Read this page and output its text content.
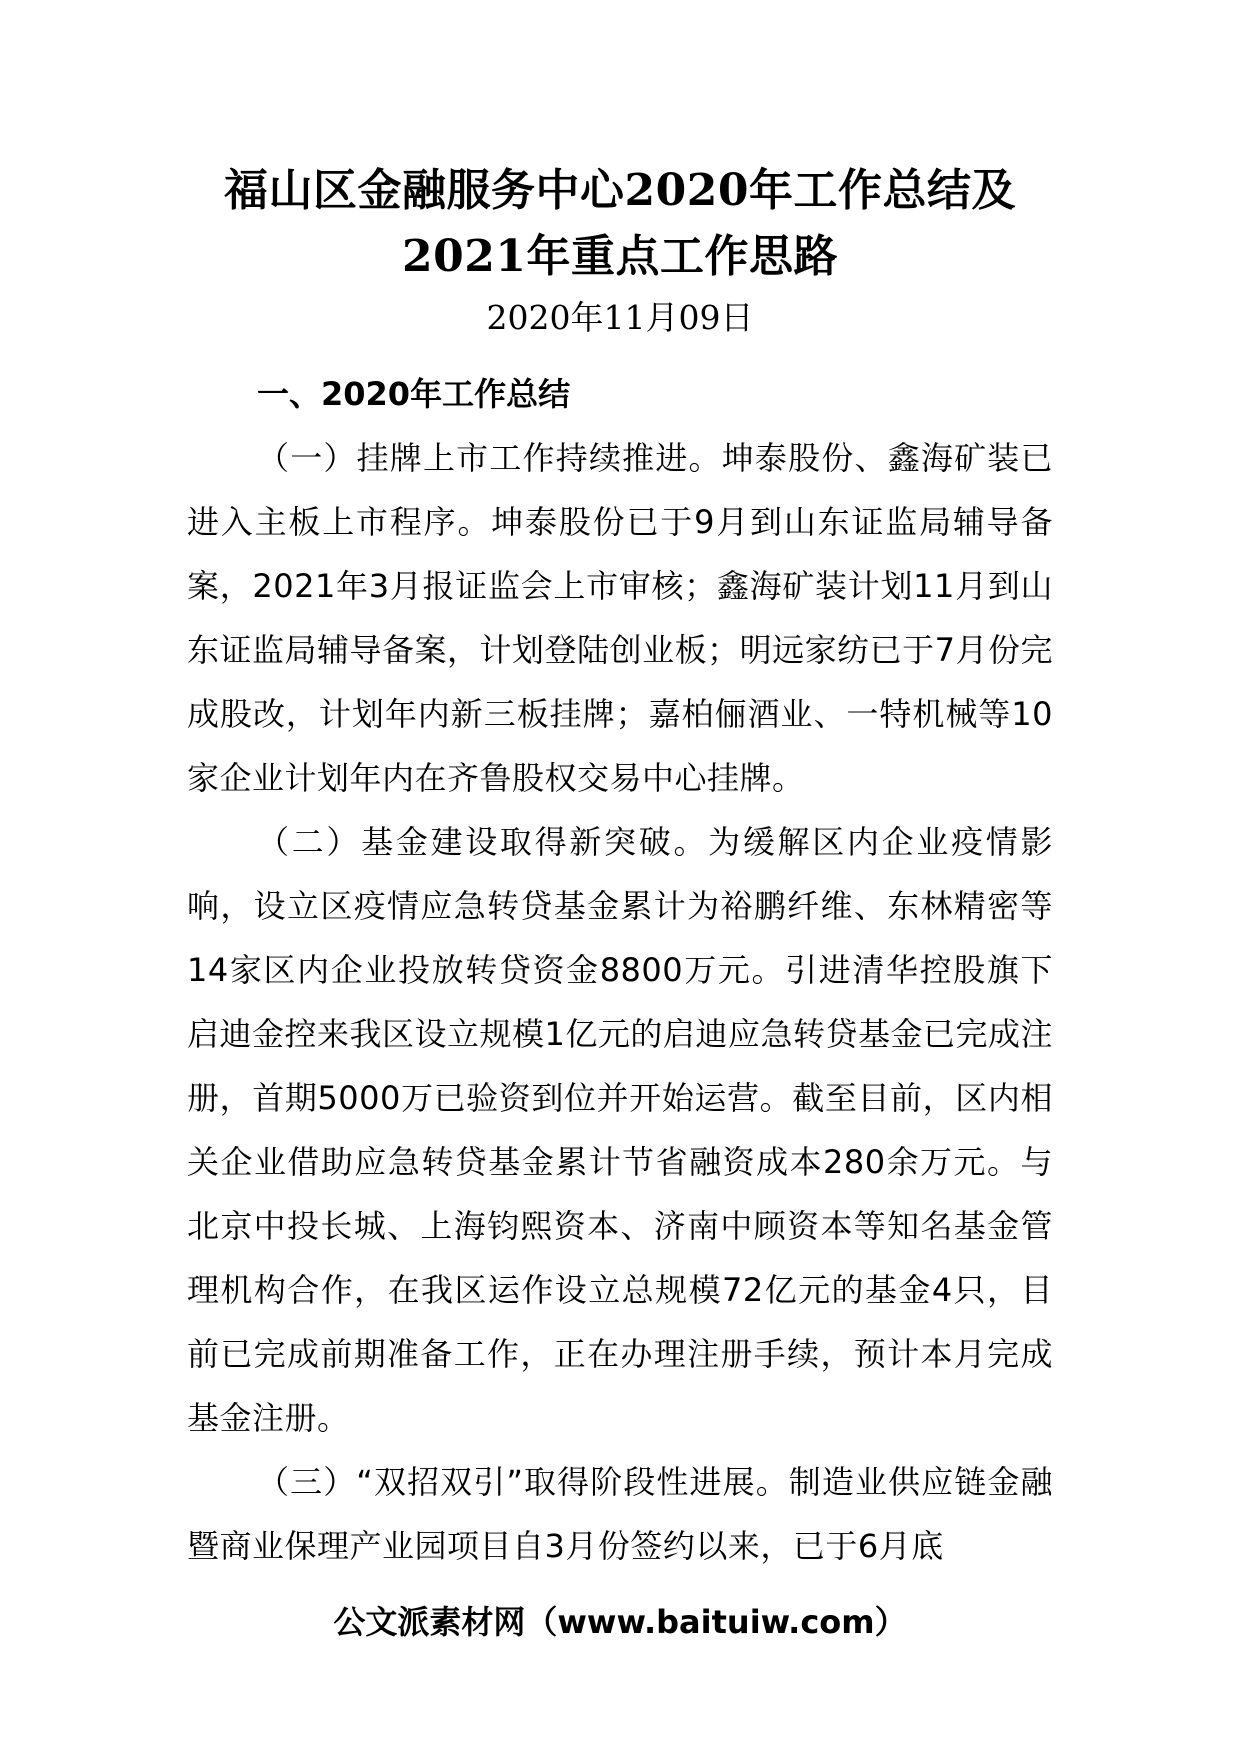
福山区金融服务中心2020年工作总结及
2021年重点工作思路
2020年11月09日

一、2020年工作总结

（一）挂牌上市工作持续推进。坤泰股份、鑫海矿装已进入主板上市程序。坤泰股份已于9月到山东证监局辅导备案，2021年3月报证监会上市审核；鑫海矿装计划11月到山东证监局辅导备案，计划登陆创业板；明远家纺已于7月份完成股改，计划年内新三板挂牌；嘉柏俪酒业、一特机械等10家企业计划年内在齐鲁股权交易中心挂牌。

（二）基金建设取得新突破。为缓解区内企业疫情影响，设立区疫情应急转贷基金累计为裕鹏纤维、东林精密等14家区内企业投放转贷资金8800万元。引进清华控股旗下启迪金控来我区设立规模1亿元的启迪应急转贷基金已完成注册，首期5000万已验资到位并开始运营。截至目前，区内相关企业借助应急转贷基金累计节省融资成本280余万元。与北京中投长城、上海钧熙资本、济南中顾资本等知名基金管理机构合作，在我区运作设立总规模72亿元的基金4只，目前已完成前期准备工作，正在办理注册手续，预计本月完成基金注册。

（三）“双招双引”取得阶段性进展。制造业供应链金融暨商业保理产业园项目自3月份签约以来，已于6月底

公文派素材网（www.baituiw.com）
